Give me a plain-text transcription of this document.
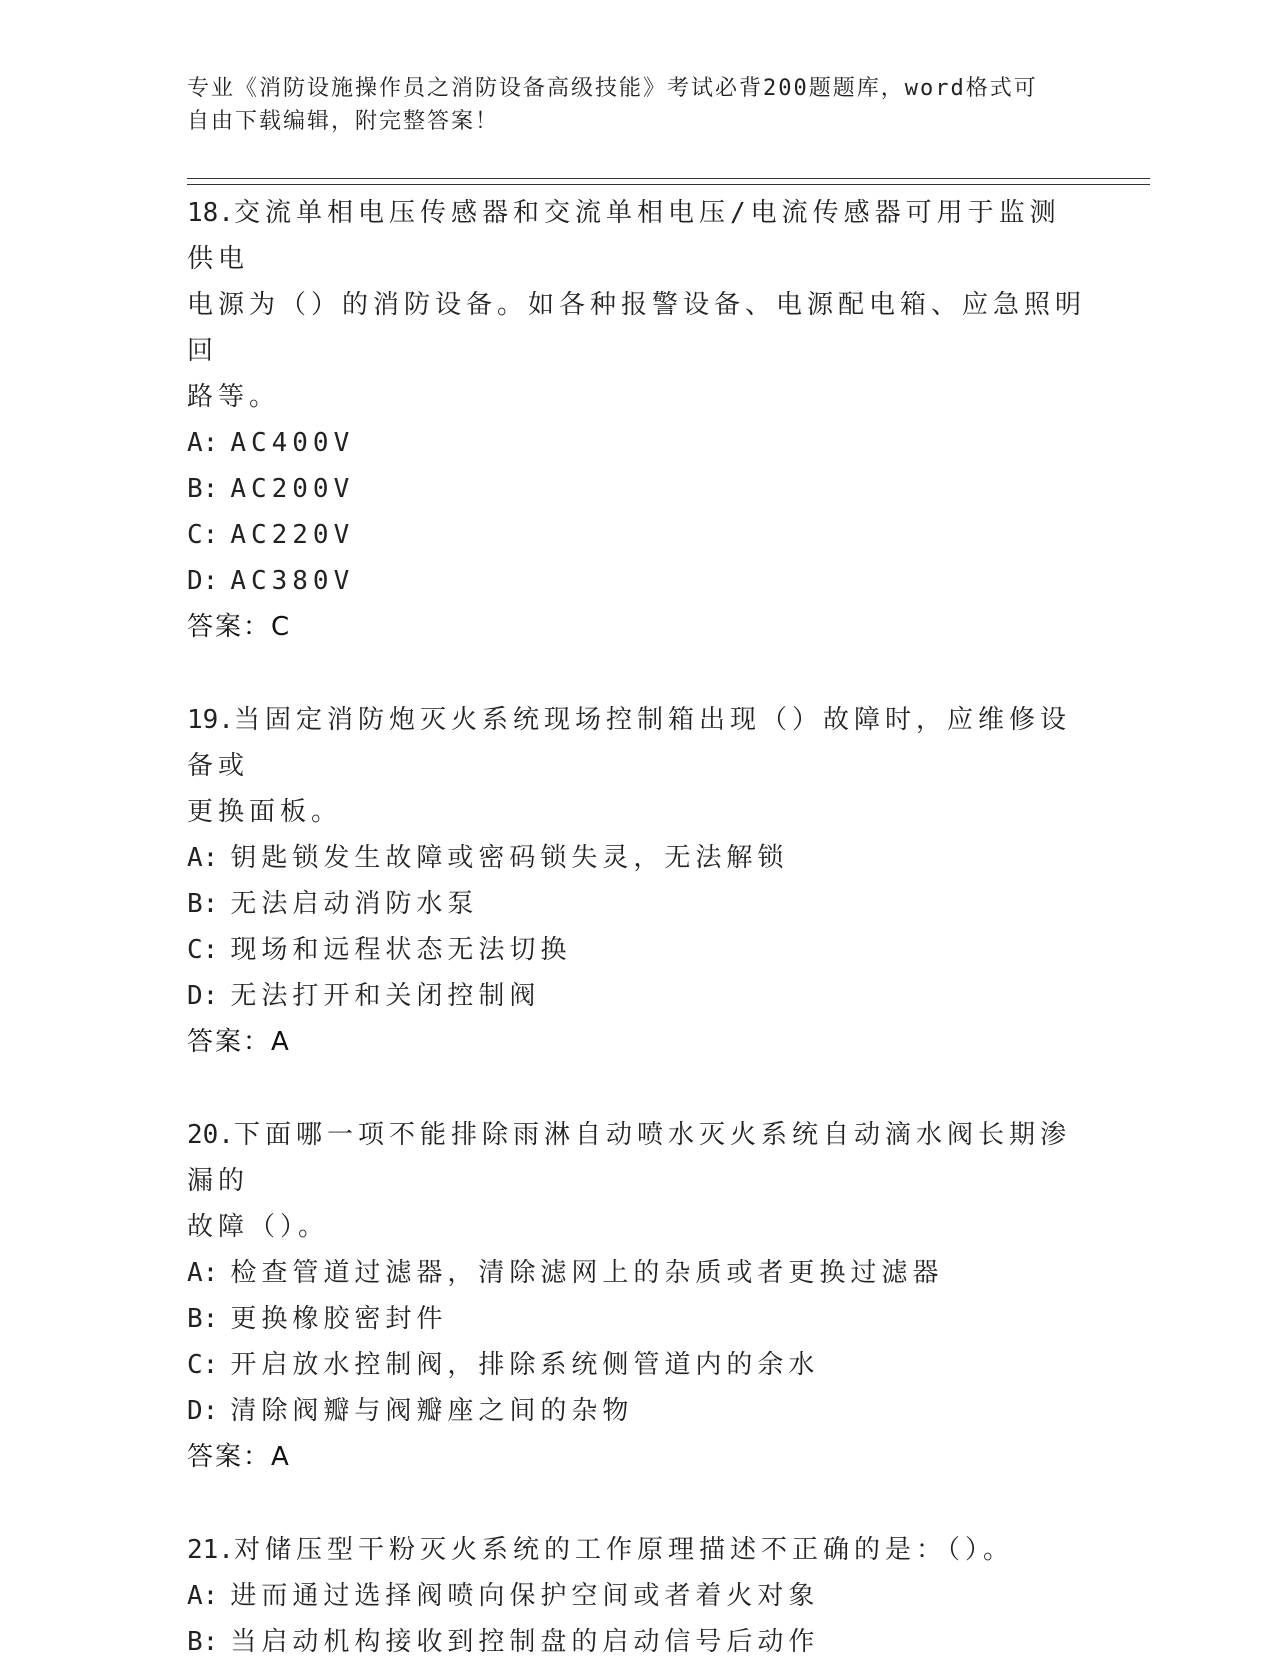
专业《消防设施操作员之消防设备高级技能》考试必背200题题库，word格式可
自由下载编辑，附完整答案！
18.交流单相电压传感器和交流单相电压/电流传感器可用于监测供电
电源为（）的消防设备。如各种报警设备、电源配电箱、应急照明回
路等。
A: AC400V
B: AC200V
C: AC220V
D: AC380V
答案：C
19.当固定消防炮灭火系统现场控制箱出现（）故障时，应维修设备或
更换面板。
A: 钥匙锁发生故障或密码锁失灵，无法解锁
B: 无法启动消防水泵
C: 现场和远程状态无法切换
D: 无法打开和关闭控制阀
答案：A
20.下面哪一项不能排除雨淋自动喷水灭火系统自动滴水阀长期渗漏的
故障（）。
A: 检查管道过滤器，清除滤网上的杂质或者更换过滤器
B: 更换橡胶密封件
C: 开启放水控制阀，排除系统侧管道内的余水
D: 清除阀瓣与阀瓣座之间的杂物
答案：A
21.对储压型干粉灭火系统的工作原理描述不正确的是：（）。
A: 进而通过选择阀喷向保护空间或者着火对象
B: 当启动机构接收到控制盘的启动信号后动作
